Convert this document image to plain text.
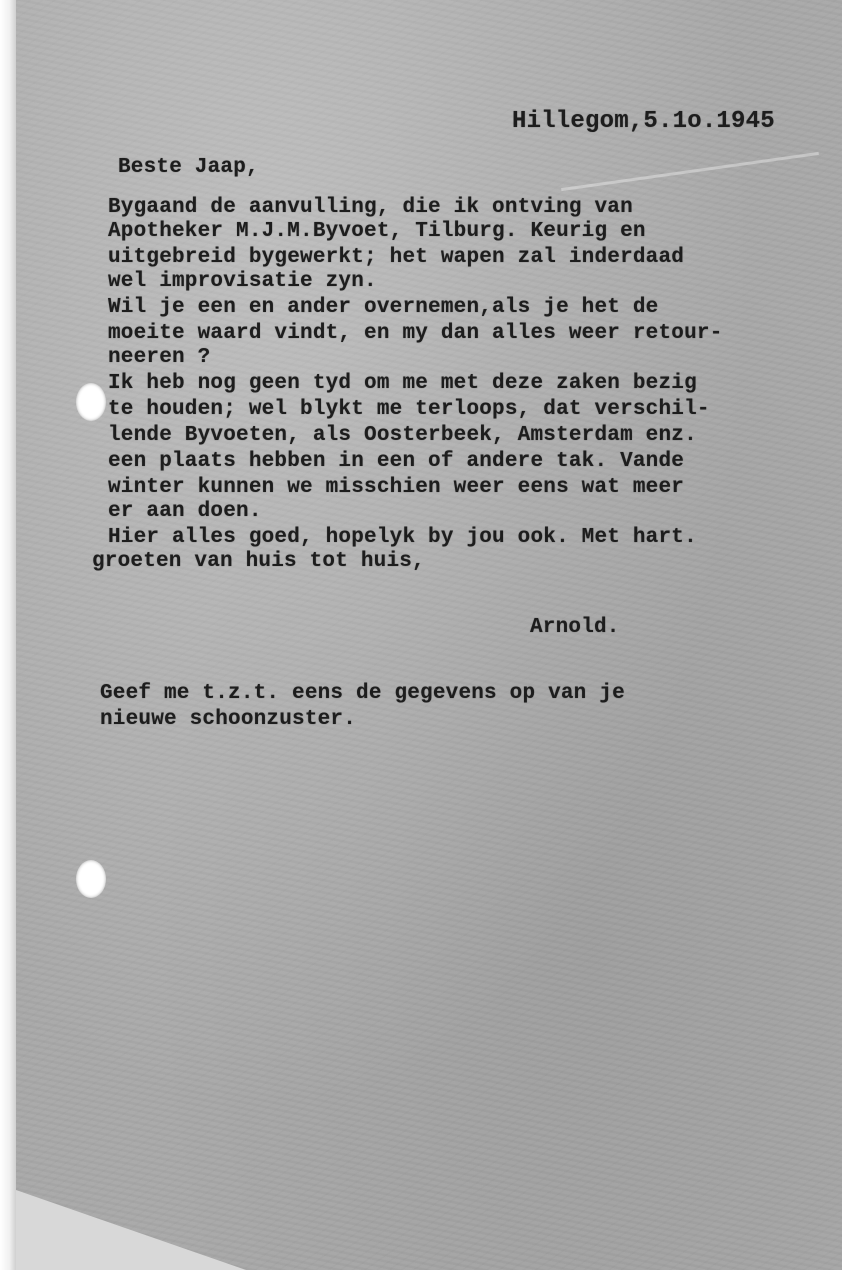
Hillegom,5.1o.1945
Beste Jaap,
Bygaand de aanvulling, die ik ontving van
Apotheker M.J.M.Byvoet, Tilburg. Keurig en
uitgebreid bygewerkt; het wapen zal inderdaad
wel improvisatie zyn.
Wil je een en ander overnemen,als je het de
moeite waard vindt, en my dan alles weer retour-
neeren ?
Ik heb nog geen tyd om me met deze zaken bezig
te houden; wel blykt me terloops, dat verschil-
lende Byvoeten, als Oosterbeek, Amsterdam enz.
een plaats hebben in een of andere tak. Vande
winter kunnen we misschien weer eens wat meer
er aan doen.
Hier alles goed, hopelyk by jou ook. Met hart.
groeten van huis tot huis,
Arnold.
Geef me t.z.t. eens de gegevens op van je
nieuwe schoonzuster.
